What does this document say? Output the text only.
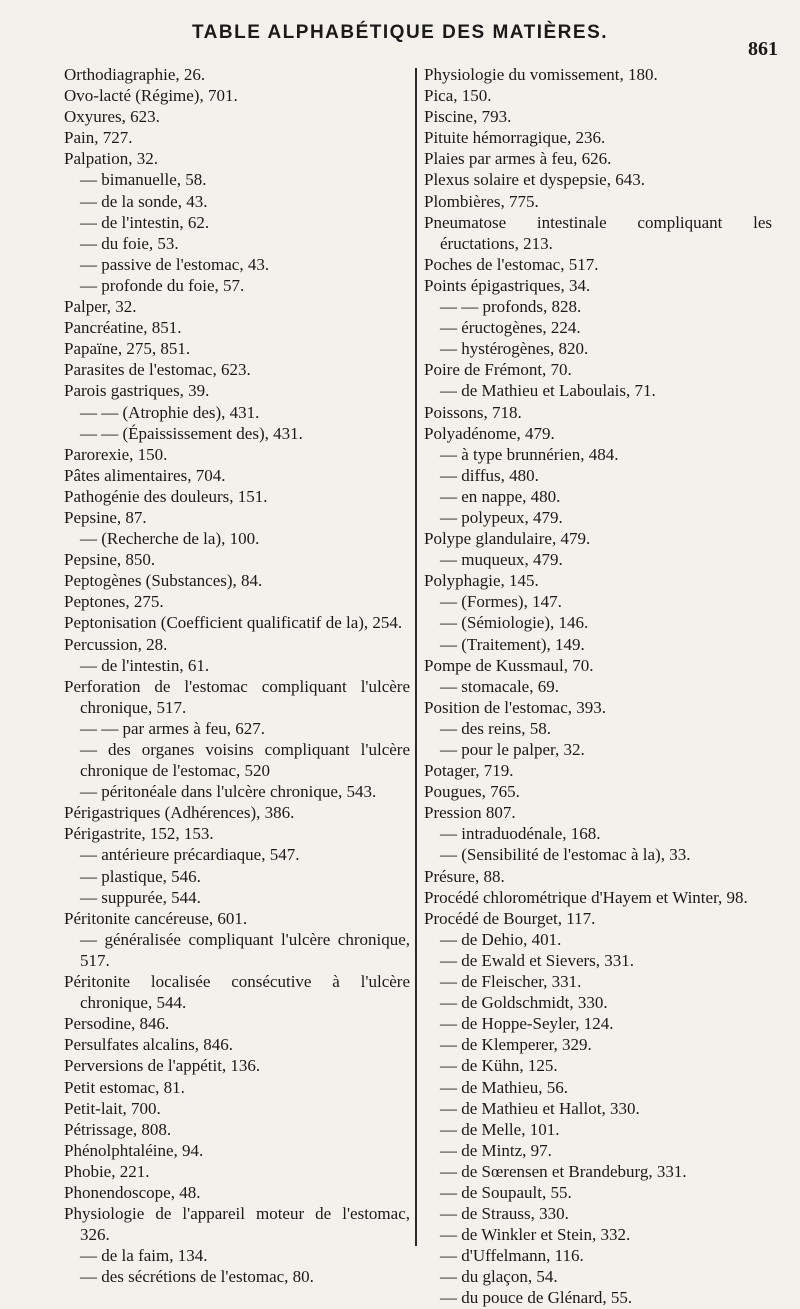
TABLE ALPHABÉTIQUE DES MATIÈRES.
861

Orthodiagraphie, 26.

Ovo-lacté (Régime), 701.

Oxyures, 623.

Pain, 727.

Palpation, 32.

— bimanuelle, 58.

— de la sonde, 43.

— de l'intestin, 62.

— du foie, 53.

— passive de l'estomac, 43.

— profonde du foie, 57.

Palper, 32.

Pancréatine, 851.

Papaïne, 275, 851.

Parasites de l'estomac, 623.

Parois gastriques, 39.

— — (Atrophie des), 431.

— — (Épaississement des), 431.

Parorexie, 150.

Pâtes alimentaires, 704.

Pathogénie des douleurs, 151.

Pepsine, 87.

— (Recherche de la), 100.

Pepsine, 850.

Peptogènes (Substances), 84.

Peptones, 275.

Peptonisation (Coefficient qualificatif de la), 254.

Percussion, 28.

— de l'intestin, 61.

Perforation de l'estomac compliquant l'ulcère chronique, 517.

— — par armes à feu, 627.

— des organes voisins compliquant l'ulcère chronique de l'estomac, 520

— péritonéale dans l'ulcère chronique, 543.

Périgastriques (Adhérences), 386.

Périgastrite, 152, 153.

— antérieure précardiaque, 547.

— plastique, 546.

— suppurée, 544.

Péritonite cancéreuse, 601.

— généralisée compliquant l'ulcère chronique, 517.

Péritonite localisée consécutive à l'ulcère chronique, 544.

Persodine, 846.

Persulfates alcalins, 846.

Perversions de l'appétit, 136.

Petit estomac, 81.

Petit-lait, 700.

Pétrissage, 808.

Phénolphtaléine, 94.

Phobie, 221.

Phonendoscope, 48.

Physiologie de l'appareil moteur de l'estomac, 326.

— de la faim, 134.

— des sécrétions de l'estomac, 80.

Physiologie du vomissement, 180.

Pica, 150.

Piscine, 793.

Pituite hémorragique, 236.

Plaies par armes à feu, 626.

Plexus solaire et dyspepsie, 643.

Plombières, 775.

Pneumatose intestinale compliquant les éructations, 213.

Poches de l'estomac, 517.

Points épigastriques, 34.

— — profonds, 828.

— éructogènes, 224.

— hystérogènes, 820.

Poire de Frémont, 70.

— de Mathieu et Laboulais, 71.

Poissons, 718.

Polyadénome, 479.

— à type brunnérien, 484.

— diffus, 480.

— en nappe, 480.

— polypeux, 479.

Polype glandulaire, 479.

— muqueux, 479.

Polyphagie, 145.

— (Formes), 147.

— (Sémiologie), 146.

— (Traitement), 149.

Pompe de Kussmaul, 70.

— stomacale, 69.

Position de l'estomac, 393.

— des reins, 58.

— pour le palper, 32.

Potager, 719.

Pougues, 765.

Pression 807.

— intraduodénale, 168.

— (Sensibilité de l'estomac à la), 33.

Présure, 88.

Procédé chlorométrique d'Hayem et Winter, 98.

Procédé de Bourget, 117.

— de Dehio, 401.

— de Ewald et Sievers, 331.

— de Fleischer, 331.

— de Goldschmidt, 330.

— de Hoppe-Seyler, 124.

— de Klemperer, 329.

— de Kühn, 125.

— de Mathieu, 56.

— de Mathieu et Hallot, 330.

— de Melle, 101.

— de Mintz, 97.

— de Sœrensen et Brandeburg, 331.

— de Soupault, 55.

— de Strauss, 330.

— de Winkler et Stein, 332.

— d'Uffelmann, 116.

— du glaçon, 54.

— du pouce de Glénard, 55.
